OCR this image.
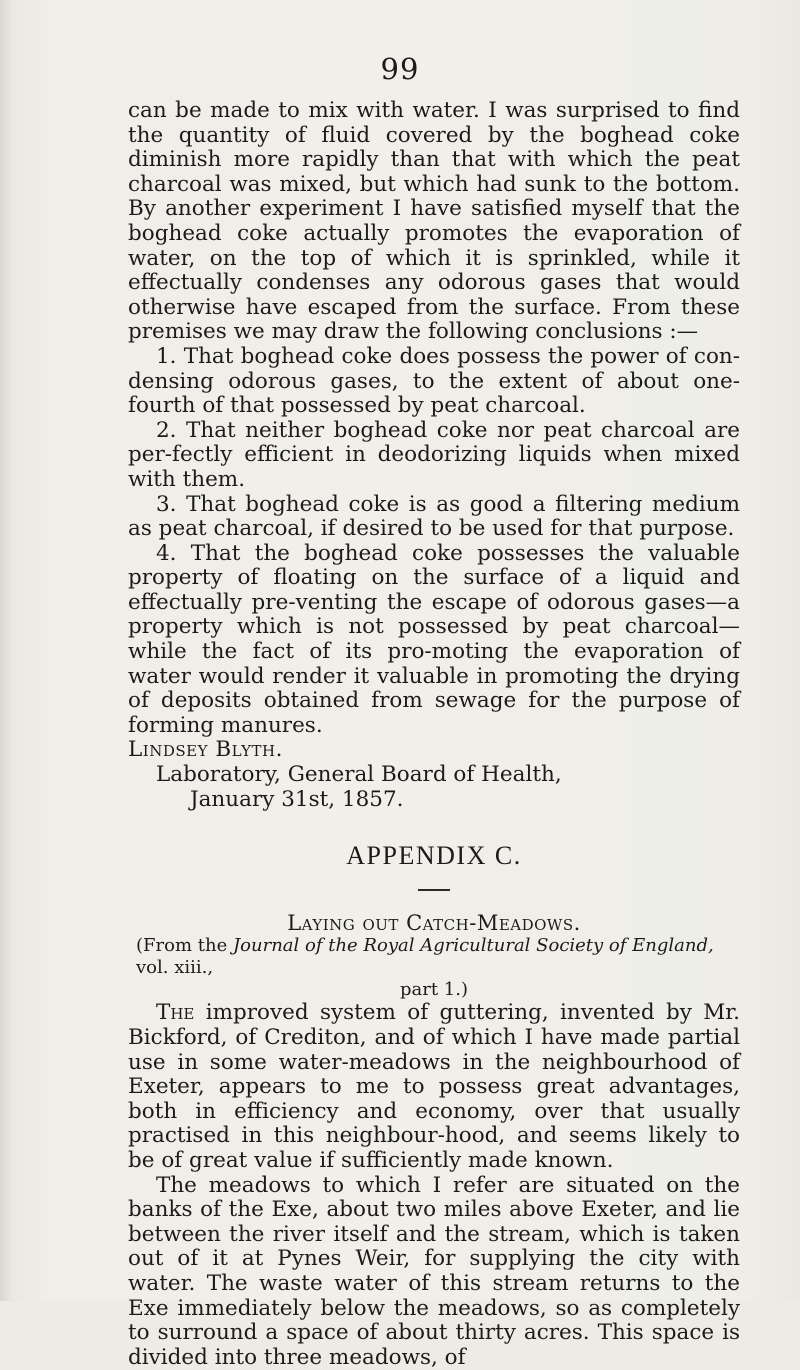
99

can be made to mix with water. I was surprised to find the quantity of fluid covered by the boghead coke diminish more rapidly than that with which the peat charcoal was mixed, but which had sunk to the bottom. By another experiment I have satisfied myself that the boghead coke actually promotes the evaporation of water, on the top of which it is sprinkled, while it effectually condenses any odorous gases that would otherwise have escaped from the surface. From these premises we may draw the following conclusions :—

1. That boghead coke does possess the power of con-densing odorous gases, to the extent of about one-fourth of that possessed by peat charcoal.

2. That neither boghead coke nor peat charcoal are per-fectly efficient in deodorizing liquids when mixed with them.

3. That boghead coke is as good a filtering medium as peat charcoal, if desired to be used for that purpose.

4. That the boghead coke possesses the valuable property of floating on the surface of a liquid and effectually pre-venting the escape of odorous gases—a property which is not possessed by peat charcoal—while the fact of its pro-moting the evaporation of water would render it valuable in promoting the drying of deposits obtained from sewage for the purpose of forming manures.

Lindsey Blyth.

Laboratory, General Board of Health,

January 31st, 1857.

APPENDIX C.

Laying out Catch-Meadows.

(From the Journal of the Royal Agricultural Society of England, vol. xiii.,

part 1.)

The improved system of guttering, invented by Mr. Bickford, of Crediton, and of which I have made partial use in some water-meadows in the neighbourhood of Exeter, appears to me to possess great advantages, both in efficiency and economy, over that usually practised in this neighbour-hood, and seems likely to be of great value if sufficiently made known.

The meadows to which I refer are situated on the banks of the Exe, about two miles above Exeter, and lie between the river itself and the stream, which is taken out of it at Pynes Weir, for supplying the city with water. The waste water of this stream returns to the Exe immediately below the meadows, so as completely to surround a space of about thirty acres. This space is divided into three meadows, of
